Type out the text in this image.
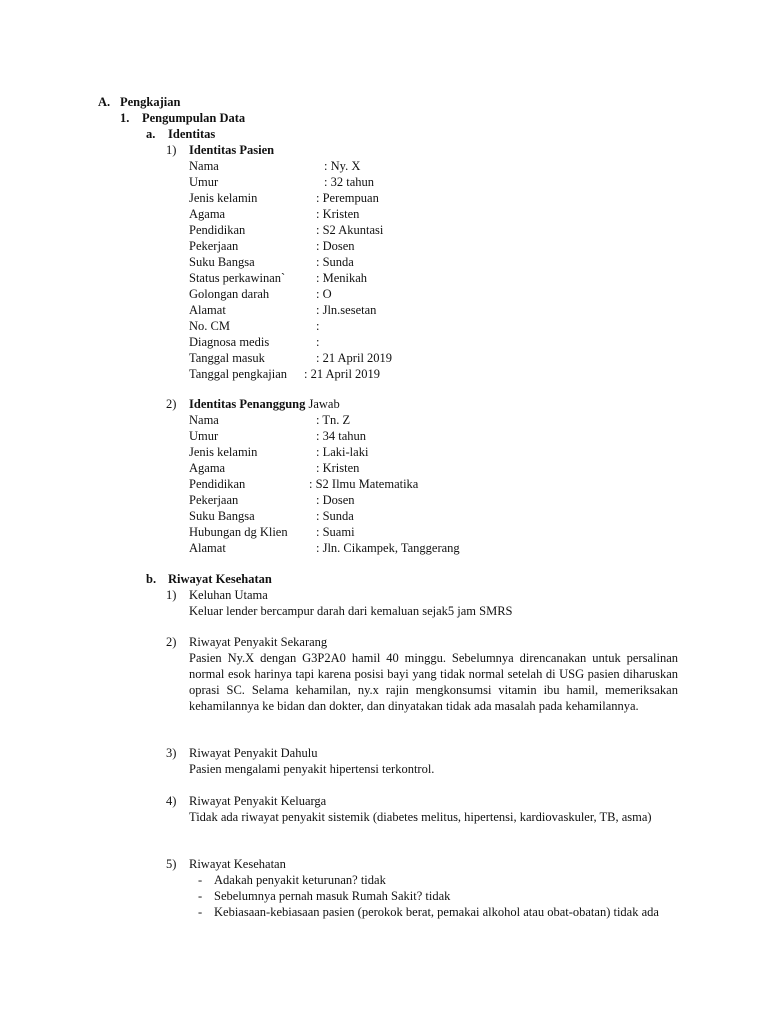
A. Pengkajian
1. Pengumpulan Data
a. Identitas
1) Identitas Pasien
Nama	: Ny. X
Umur	: 32 tahun
Jenis kelamin	: Perempuan
Agama	: Kristen
Pendidikan	: S2 Akuntasi
Pekerjaan	: Dosen
Suku Bangsa	: Sunda
Status perkawinan` : Menikah
Golongan darah	: O
Alamat	: Jln.sesetan
No. CM	:
Diagnosa medis	:
Tanggal masuk	: 21 April 2019
Tanggal pengkajian : 21 April 2019
2) Identitas Penanggung Jawab
Nama	: Tn. Z
Umur	: 34 tahun
Jenis kelamin	: Laki-laki
Agama	: Kristen
Pendidikan	: S2 Ilmu Matematika
Pekerjaan	: Dosen
Suku Bangsa	: Sunda
Hubungan dg Klien : Suami
Alamat	: Jln. Cikampek, Tanggerang
b. Riwayat Kesehatan
1) Keluhan Utama
Keluar lender bercampur darah dari kemaluan sejak5 jam SMRS
2) Riwayat Penyakit Sekarang
Pasien Ny.X dengan G3P2A0 hamil 40 minggu. Sebelumnya direncanakan untuk persalinan normal esok harinya tapi karena posisi bayi yang tidak normal setelah di USG pasien diharuskan oprasi SC. Selama kehamilan, ny.x rajin mengkonsumsi vitamin ibu hamil, memeriksakan kehamilannya ke bidan dan dokter, dan dinyatakan tidak ada masalah pada kehamilannya.
3) Riwayat Penyakit Dahulu
Pasien mengalami penyakit hipertensi terkontrol.
4) Riwayat Penyakit Keluarga
Tidak ada riwayat penyakit sistemik (diabetes melitus, hipertensi, kardiovaskuler, TB, asma)
5) Riwayat Kesehatan
- Adakah penyakit keturunan? tidak
- Sebelumnya pernah masuk Rumah Sakit? tidak
- Kebiasaan-kebiasaan pasien (perokok berat, pemakai alkohol atau obat-obatan) tidak ada
